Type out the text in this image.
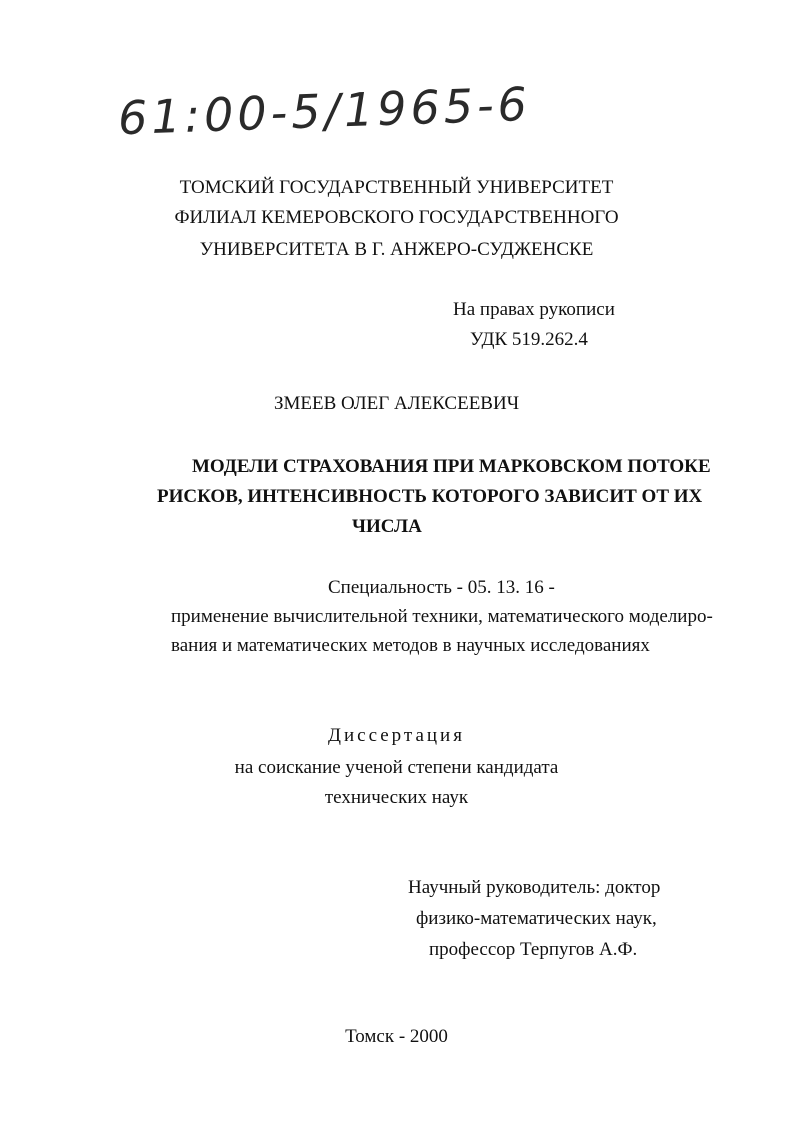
61:00-5/1965-6
ТОМСКИЙ ГОСУДАРСТВЕННЫЙ УНИВЕРСИТЕТ
ФИЛИАЛ КЕМЕРОВСКОГО ГОСУДАРСТВЕННОГО
УНИВЕРСИТЕТА В Г. АНЖЕРО-СУДЖЕНСКЕ
На правах рукописи
УДК 519.262.4
ЗМЕЕВ ОЛЕГ АЛЕКСЕЕВИЧ
МОДЕЛИ СТРАХОВАНИЯ ПРИ МАРКОВСКОМ ПОТОКЕ
РИСКОВ, ИНТЕНСИВНОСТЬ КОТОРОГО ЗАВИСИТ ОТ ИХ
ЧИСЛА
Специальность - 05. 13. 16 -
применение вычислительной техники, математического моделиро-
вания и математических методов в научных исследованиях
Диссертация
на соискание ученой степени кандидата
технических наук
Научный руководитель: доктор
физико-математических наук,
профессор Терпугов А.Ф.
Томск - 2000
